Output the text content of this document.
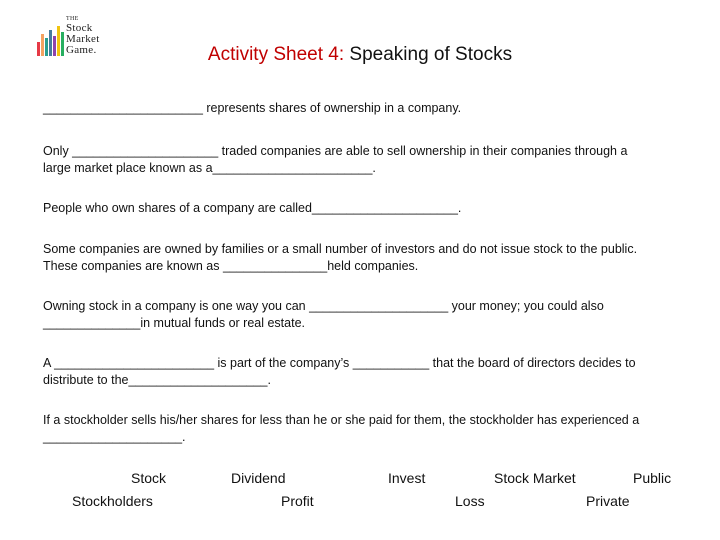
THE
Stock
Market
Game.	Activity Sheet 4: Speaking of Stocks
_______________________ represents shares of ownership in a company.
Only _____________________ traded companies are able to sell ownership in their companies through a
large market place known as a_______________________.
People who own shares of a company are called_____________________.
Some companies are owned by families or a small number of investors and do not issue stock to the public.
These companies are known as _______________held companies.
Owning stock in a company is one way you can ____________________ your money; you could also
______________in mutual funds or real estate.
A _______________________ is part of the company’s ___________ that the board of directors decides to
distribute to the____________________.
If a stockholder sells his/her shares for less than he or she paid for them, the stockholder has experienced a
____________________.
Stock	Dividend	Invest	Stock Market	Public
Stockholders	Profit	Loss	Private
